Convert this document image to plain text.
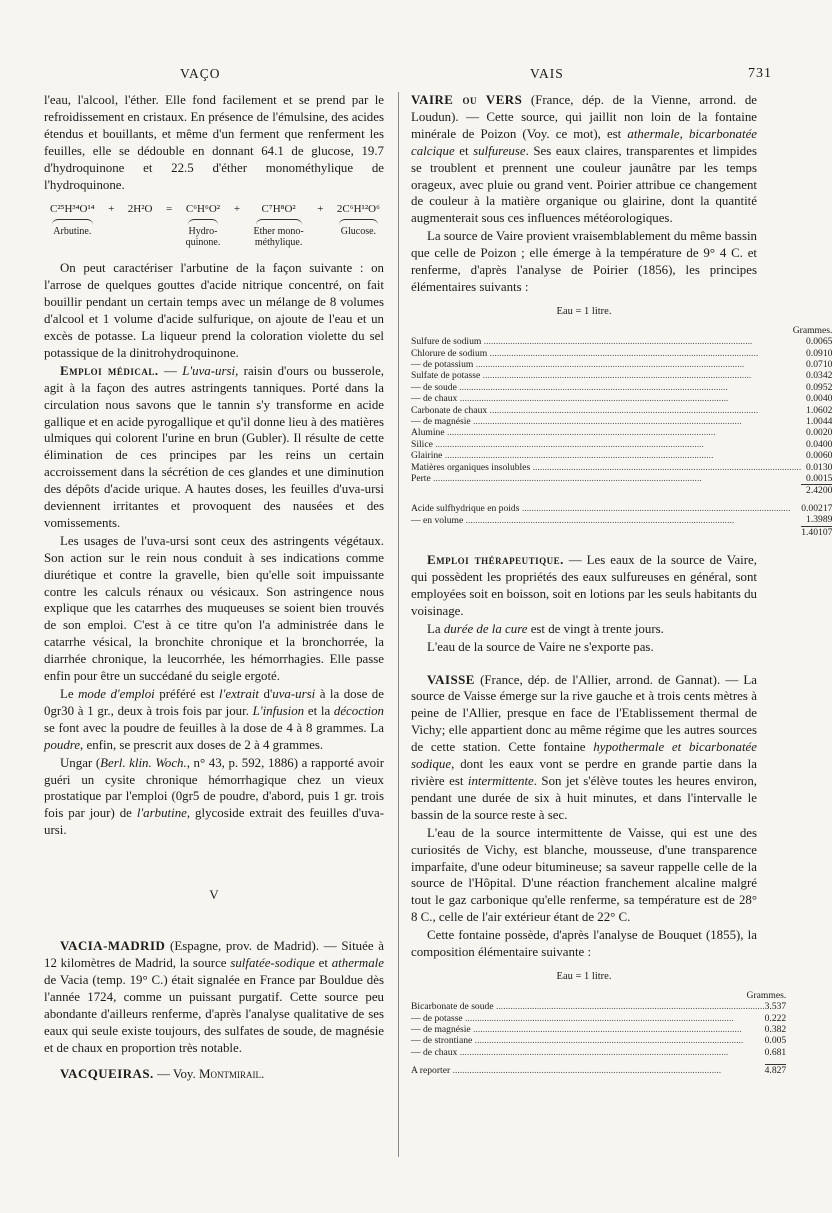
VAÇO	VAIS	731

l'eau, l'alcool, l'éther. Elle fond facilement et se prend par le refroidissement en cristaux. En présence de l'émulsine, des acides étendus et bouillants, et même d'un ferment que renferment les feuilles, elle se dédouble en donnant 64.1 de glucose, 19.7 d'hydroquinone et 22.5 d'éther monométhylique de l'hydroquinone.

C²⁵H³⁴O¹⁴
Arbutine.
+ 2H²O = C⁶H⁶O²
Hydro-
quinone.
+	C⁷H⁸O²
Ether mono-
méthylique.
+ 2C⁶H¹²O⁶
Glucose.

On peut caractériser l'arbutine de la façon suivante : on l'arrose de quelques gouttes d'acide nitrique concentré, on fait bouillir pendant un certain temps avec un mélange de 8 volumes d'alcool et 1 volume d'acide sulfurique, on ajoute de l'eau et un excès de potasse. La liqueur prend la coloration violette du sel potassique de la dinitrohydroquinone.

Emploi médical. — L'uva-ursi, raisin d'ours ou busserole, agit à la façon des autres astringents tanniques. Porté dans la circulation nous savons que le tannin s'y transforme en acide gallique et en acide pyrogallique et qu'il donne lieu à des matières ulmiques qui colorent l'urine en brun (Gubler). Il résulte de cette élimination de ces principes par les reins un certain accroissement dans la sécrétion de ces glandes et une diminution des dépôts d'acide urique. A hautes doses, les feuilles d'uva-ursi deviennent irritantes et provoquent des nausées et des vomissements.

Les usages de l'uva-ursi sont ceux des astringents végétaux. Son action sur le rein nous conduit à ses indications comme diurétique et contre la gravelle, bien qu'elle soit impuissante contre les calculs rénaux ou vésicaux. Son astringence nous explique que les catarrhes des muqueuses se soient bien trouvés de son emploi. C'est à ce titre qu'on l'a administrée dans le catarrhe vésical, la bronchite chronique et la bronchorrée, la diarrhée chronique, la leucorrhée, les hémorrhagies. Elle passe enfin pour être un succédané du seigle ergoté.

Le mode d'emploi préféré est l'extrait d'uva-ursi à la dose de 0gr30 à 1 gr., deux à trois fois par jour. L'infusion et la décoction se font avec la poudre de feuilles à la dose de 4 à 8 grammes. La poudre, enfin, se prescrit aux doses de 2 à 4 grammes.

Ungar (Berl. klin. Woch., n° 43, p. 592, 1886) a rapporté avoir guéri un cysite chronique hémorrhagique chez un vieux prostatique par l'emploi (0gr5 de poudre, d'abord, puis 1 gr. trois fois par jour) de l'arbutine, glycoside extrait des feuilles d'uva-ursi.

V

VACIA-MADRID (Espagne, prov. de Madrid). — Située à 12 kilomètres de Madrid, la source sulfatée-sodique et athermale de Vacia (temp. 19° C.) était signalée en France par Bouldue dès l'année 1724, comme un puissant purgatif. Cette source peu abondante d'ailleurs renferme, d'après l'analyse qualitative de ses eaux qui seule existe toujours, des sulfates de soude, de magnésie et de chaux en proportion très notable.

VACQUEIRAS. — Voy. Montmirail.

VAIRE ou VERS (France, dép. de la Vienne, arrond. de Loudun). — Cette source, qui jaillit non loin de la fontaine minérale de Poizon (Voy. ce mot), est athermale, bicarbonatée calcique et sulfureuse. Ses eaux claires, transparentes et limpides se troublent et prennent une couleur jaunâtre par les temps orageux, avec pluie ou grand vent. Poirier attribue ce changement de couleur à la matière organique ou glairine, dont la quantité augmenterait sous ces influences météorologiques.

La source de Vaire provient vraisemblablement du même bassin que celle de Poizon ; elle émerge à la température de 9° 4 C. et renferme, d'après l'analyse de Poirier (1856), les principes élémentaires suivants :

Eau = 1 litre.
Grammes.	
Sulfure de sodium .....	0.0065
Chlorure de sodium .....	0.0910
— de potassium .....	0.0710
Sulfate de potasse .....	0.0342
— de soude .....	0.0952
— de chaux .....	0.0040
Carbonate de chaux .....	1.0602
— de magnésie .....	1.0044
Alumine .....	0.0020
Silice .....	0.0400
Glairine .....	0.0060
Matières organiques insolubles .....	0.0130
Perte .....	0.0015
	2.4200

Acide sulfhydrique en poids .....	0.00217
— en volume .....	1.3989
	1.40107

Emploi thérapeutique. — Les eaux de la source de Vaire, qui possèdent les propriétés des eaux sulfureuses en général, sont employées soit en boisson, soit en lotions par les seuls habitants du voisinage.

La durée de la cure est de vingt à trente jours.

L'eau de la source de Vaire ne s'exporte pas.

VAISSE (France, dép. de l'Allier, arrond. de Gannat). — La source de Vaisse émerge sur la rive gauche et à trois cents mètres à peine de l'Allier, presque en face de l'Etablissement thermal de Vichy; elle appartient donc au même régime que les autres sources de cette station. Cette fontaine hypothermale et bicarbonatée sodique, dont les eaux vont se perdre en grande partie dans la rivière est intermittente. Son jet s'élève toutes les heures environ, pendant une durée de six à huit minutes, et dans l'intervalle le bassin de la source reste à sec.

L'eau de la source intermittente de Vaisse, qui est une des curiosités de Vichy, est blanche, mousseuse, d'une transparence imparfaite, d'une odeur bitumineuse; sa saveur rappelle celle de la source de l'Hôpital. D'une réaction franchement alcaline malgré tout le gaz carbonique qu'elle renferme, sa température est de 28° 8 C., celle de l'air extérieur étant de 22° C.

Cette fontaine possède, d'après l'analyse de Bouquet (1855), la composition élémentaire suivante :

Eau = 1 litre.
Grammes.	
Bicarbonate de soude .....	3.537
— de potasse .....	0.222
— de magnésie .....	0.382
— de strontiane .....	0.005
— de chaux .....	0.681

A reporter .....	4.827
